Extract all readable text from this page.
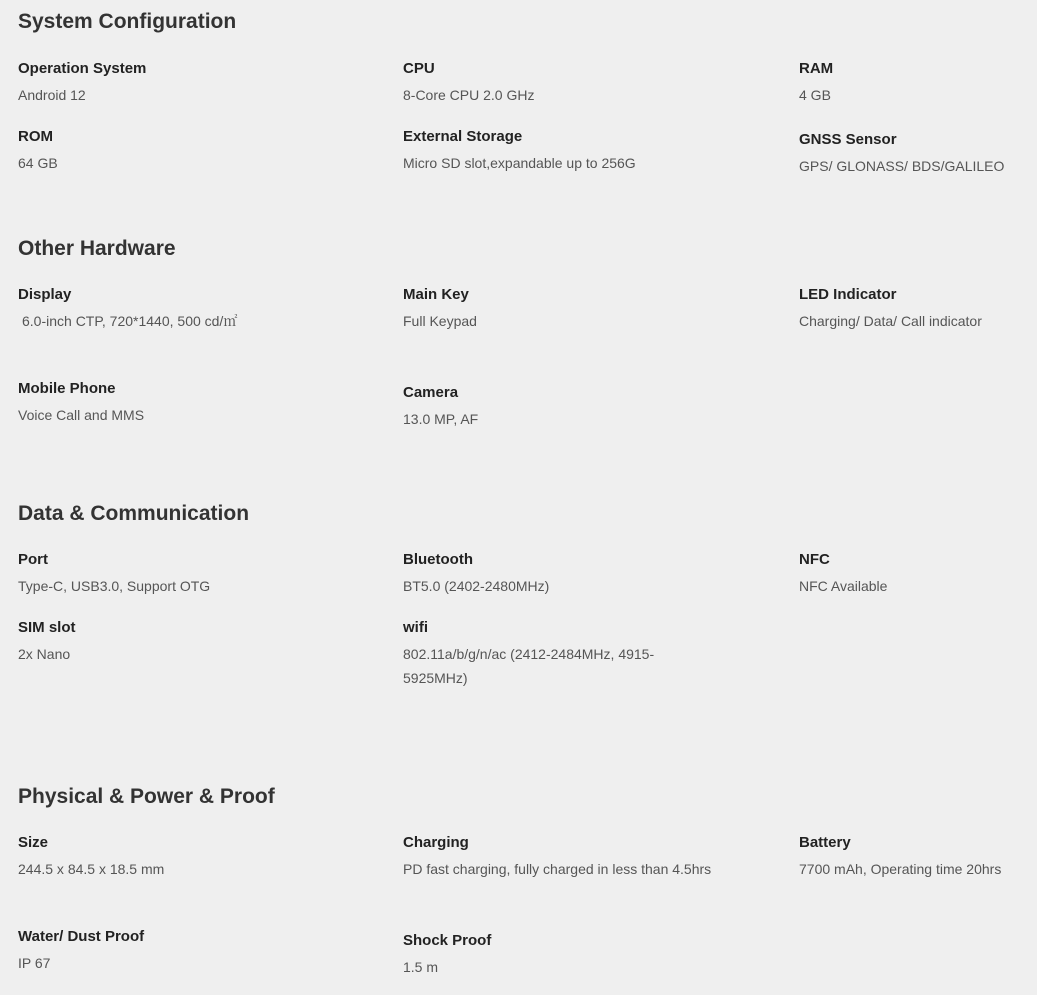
System Configuration
Operation System
Android 12
CPU
8-Core CPU 2.0 GHz
RAM
4 GB
ROM
64 GB
External Storage
Micro SD slot,expandable up to 256G
GNSS Sensor
GPS/ GLONASS/ BDS/GALILEO
Other Hardware
Display
6.0-inch CTP, 720*1440, 500 cd/㎡
Main Key
Full Keypad
LED Indicator
Charging/ Data/ Call indicator
Mobile Phone
Voice Call and MMS
Camera
13.0 MP, AF
Data & Communication
Port
Type-C, USB3.0, Support OTG
Bluetooth
BT5.0 (2402-2480MHz)
NFC
NFC Available
SIM slot
2x Nano
wifi
802.11a/b/g/n/ac (2412-2484MHz, 4915-5925MHz)
Physical & Power & Proof
Size
244.5 x 84.5 x 18.5 mm
Charging
PD fast charging, fully charged in less than 4.5hrs
Battery
7700 mAh, Operating time 20hrs
Water/ Dust Proof
IP 67
Shock Proof
1.5 m
